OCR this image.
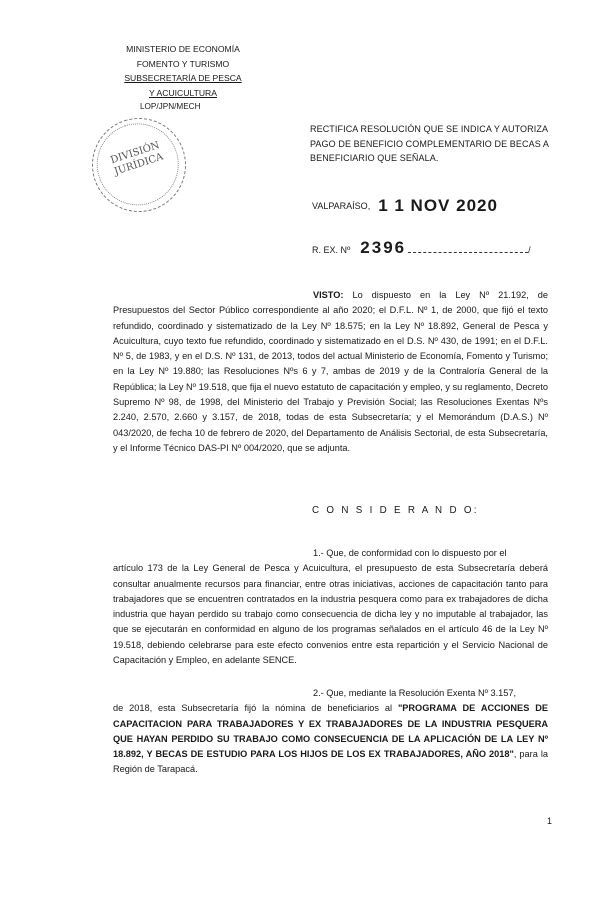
MINISTERIO DE ECONOMÍA
FOMENTO Y TURISMO
SUBSECRETARÍA DE PESCA
Y ACUICULTURA
LOP/JPN/MECH
DIVISIÓN JURÍDICA
RECTIFICA RESOLUCIÓN QUE SE INDICA Y AUTORIZA PAGO DE BENEFICIO COMPLEMENTARIO DE BECAS A BENEFICIARIO QUE SEÑALA.
VALPARAÍSO, 1 1 NOV 2020
R. EX. Nº 2396	/
VISTO: Lo dispuesto en la Ley Nº 21.192, de Presupuestos del Sector Público correspondiente al año 2020; el D.F.L. Nº 1, de 2000, que fijó el texto refundido, coordinado y sistematizado de la Ley Nº 18.575; en la Ley Nº 18.892, General de Pesca y Acuicultura, cuyo texto fue refundido, coordinado y sistematizado en el D.S. Nº 430, de 1991; en el D.F.L. Nº 5, de 1983, y en el D.S. Nº 131, de 2013, todos del actual Ministerio de Economía, Fomento y Turismo; en la Ley Nº 19.880; las Resoluciones Nºs 6 y 7, ambas de 2019 y de la Contraloría General de la República; la Ley Nº 19.518, que fija el nuevo estatuto de capacitación y empleo, y su reglamento, Decreto Supremo Nº 98, de 1998, del Ministerio del Trabajo y Previsión Social; las Resoluciones Exentas Nºs 2.240, 2.570, 2.660 y 3.157, de 2018, todas de esta Subsecretaría; y el Memorándum (D.A.S.) Nº 043/2020, de fecha 10 de febrero de 2020, del Departamento de Análisis Sectorial, de esta Subsecretaría, y el Informe Técnico DAS-PI Nº 004/2020, que se adjunta.
C O N S I D E R A N D O:
1.- Que, de conformidad con lo dispuesto por el
artículo 173 de la Ley General de Pesca y Acuicultura, el presupuesto de esta Subsecretaría deberá consultar anualmente recursos para financiar, entre otras iniciativas, acciones de capacitación tanto para trabajadores que se encuentren contratados en la industria pesquera como para ex trabajadores de dicha industria que hayan perdido su trabajo como consecuencia de dicha ley y no imputable al trabajador, las que se ejecutarán en conformidad en alguno de los programas señalados en el artículo 46 de la Ley Nº 19.518, debiendo celebrarse para este efecto convenios entre esta repartición y el Servicio Nacional de Capacitación y Empleo, en adelante SENCE.
2.- Que, mediante la Resolución Exenta Nº 3.157,
de 2018, esta Subsecretaría fijó la nómina de beneficiarios al "PROGRAMA DE ACCIONES DE CAPACITACION PARA TRABAJADORES Y EX TRABAJADORES DE LA INDUSTRIA PESQUERA QUE HAYAN PERDIDO SU TRABAJO COMO CONSECUENCIA DE LA APLICACIÓN DE LA LEY Nº 18.892, Y BECAS DE ESTUDIO PARA LOS HIJOS DE LOS EX TRABAJADORES, AÑO 2018", para la Región de Tarapacá.
1
